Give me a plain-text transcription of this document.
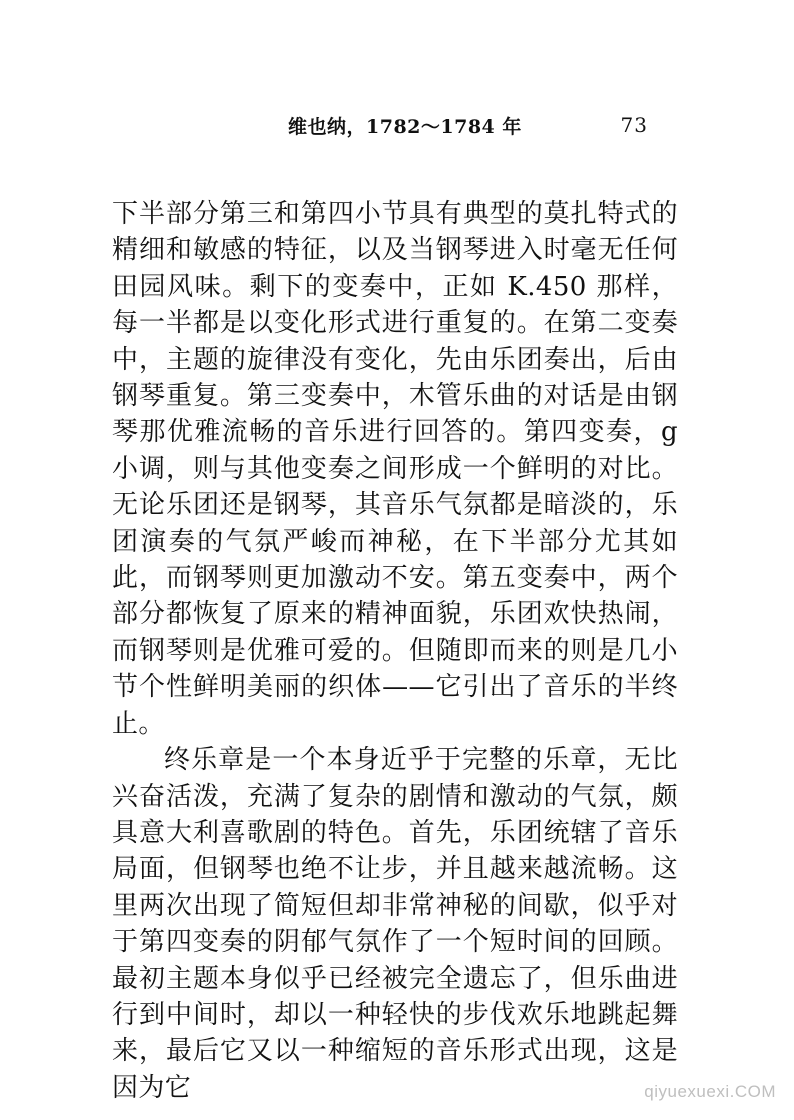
维也纳，1782～1784 年	73

下半部分第三和第四小节具有典型的莫扎特式的精细和敏感的特征，以及当钢琴进入时毫无任何田园风味。剩下的变奏中，正如 K.450 那样，每一半都是以变化形式进行重复的。在第二变奏中，主题的旋律没有变化，先由乐团奏出，后由钢琴重复。第三变奏中，木管乐曲的对话是由钢琴那优雅流畅的音乐进行回答的。第四变奏，g 小调，则与其他变奏之间形成一个鲜明的对比。无论乐团还是钢琴，其音乐气氛都是暗淡的，乐团演奏的气氛严峻而神秘，在下半部分尤其如此，而钢琴则更加激动不安。第五变奏中，两个部分都恢复了原来的精神面貌，乐团欢快热闹，而钢琴则是优雅可爱的。但随即而来的则是几小节个性鲜明美丽的织体——它引出了音乐的半终止。

终乐章是一个本身近乎于完整的乐章，无比兴奋活泼，充满了复杂的剧情和激动的气氛，颇具意大利喜歌剧的特色。首先，乐团统辖了音乐局面，但钢琴也绝不让步，并且越来越流畅。这里两次出现了简短但却非常神秘的间歇，似乎对于第四变奏的阴郁气氛作了一个短时间的回顾。最初主题本身似乎已经被完全遗忘了，但乐曲进行到中间时，却以一种轻快的步伐欢乐地跳起舞来，最后它又以一种缩短的音乐形式出现，这是因为它	qiyuexuexi.COM
